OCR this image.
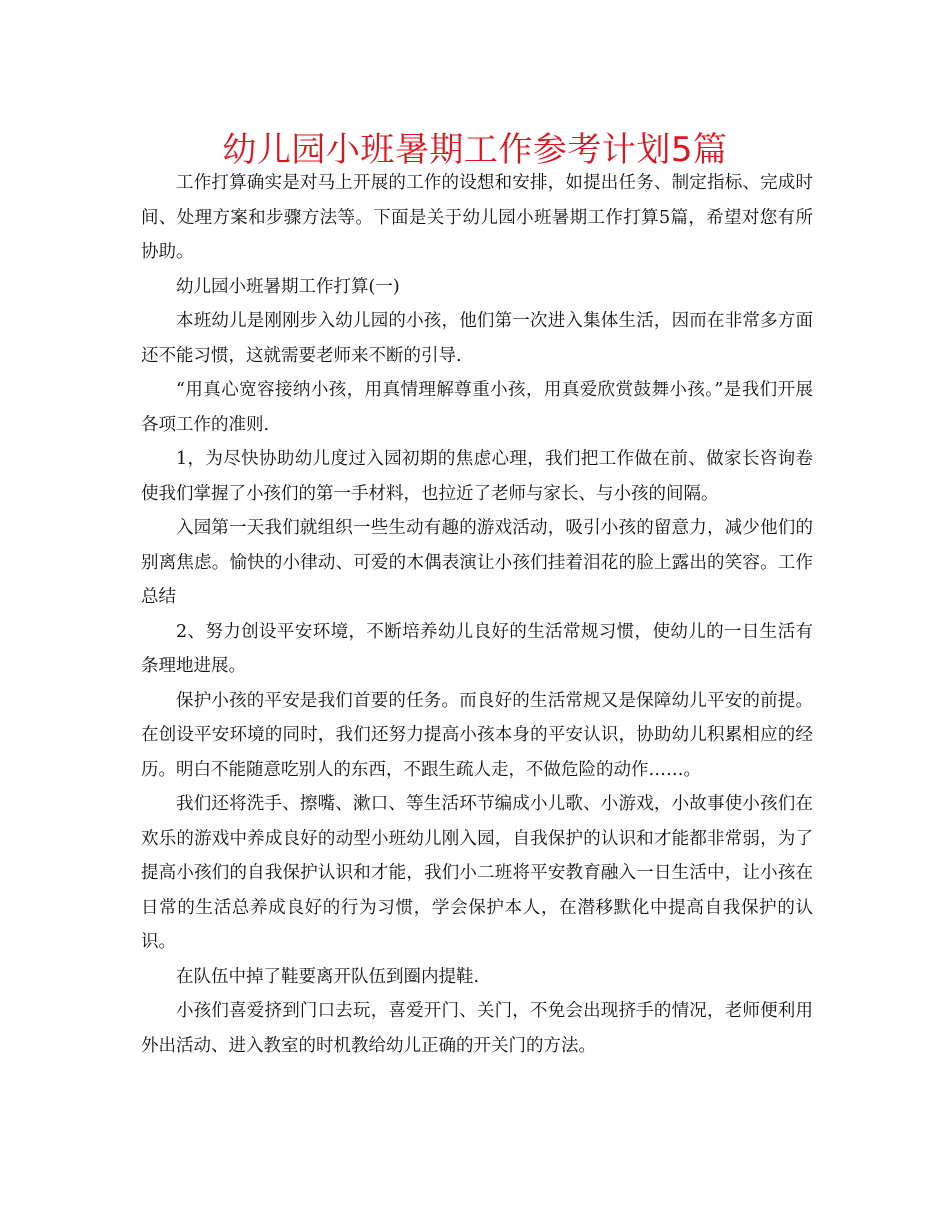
幼儿园小班暑期工作参考计划5篇

工作打算确实是对马上开展的工作的设想和安排，如提出任务、制定指标、完成时间、处理方案和步骤方法等。下面是关于幼儿园小班暑期工作打算5篇，希望对您有所协助。

幼儿园小班暑期工作打算(一)

本班幼儿是刚刚步入幼儿园的小孩，他们第一次进入集体生活，因而在非常多方面还不能习惯，这就需要老师来不断的引导.

“用真心宽容接纳小孩，用真情理解尊重小孩，用真爱欣赏鼓舞小孩。”是我们开展各项工作的准则.

1，为尽快协助幼儿度过入园初期的焦虑心理，我们把工作做在前、做家长咨询卷使我们掌握了小孩们的第一手材料，也拉近了老师与家长、与小孩的间隔。

入园第一天我们就组织一些生动有趣的游戏活动，吸引小孩的留意力，减少他们的别离焦虑。愉快的小律动、可爱的木偶表演让小孩们挂着泪花的脸上露出的笑容。工作总结

2、努力创设平安环境，不断培养幼儿良好的生活常规习惯，使幼儿的一日生活有条理地进展。

保护小孩的平安是我们首要的任务。而良好的生活常规又是保障幼儿平安的前提。在创设平安环境的同时，我们还努力提高小孩本身的平安认识，协助幼儿积累相应的经历。明白不能随意吃别人的东西，不跟生疏人走，不做危险的动作……。

我们还将洗手、擦嘴、漱口、等生活环节编成小儿歌、小游戏，小故事使小孩们在欢乐的游戏中养成良好的动型小班幼儿刚入园，自我保护的认识和才能都非常弱，为了提高小孩们的自我保护认识和才能，我们小二班将平安教育融入一日生活中，让小孩在日常的生活总养成良好的行为习惯，学会保护本人，在潜移默化中提高自我保护的认识。

在队伍中掉了鞋要离开队伍到圈内提鞋.

小孩们喜爱挤到门口去玩，喜爱开门、关门，不免会出现挤手的情况，老师便利用外出活动、进入教室的时机教给幼儿正确的开关门的方法。
